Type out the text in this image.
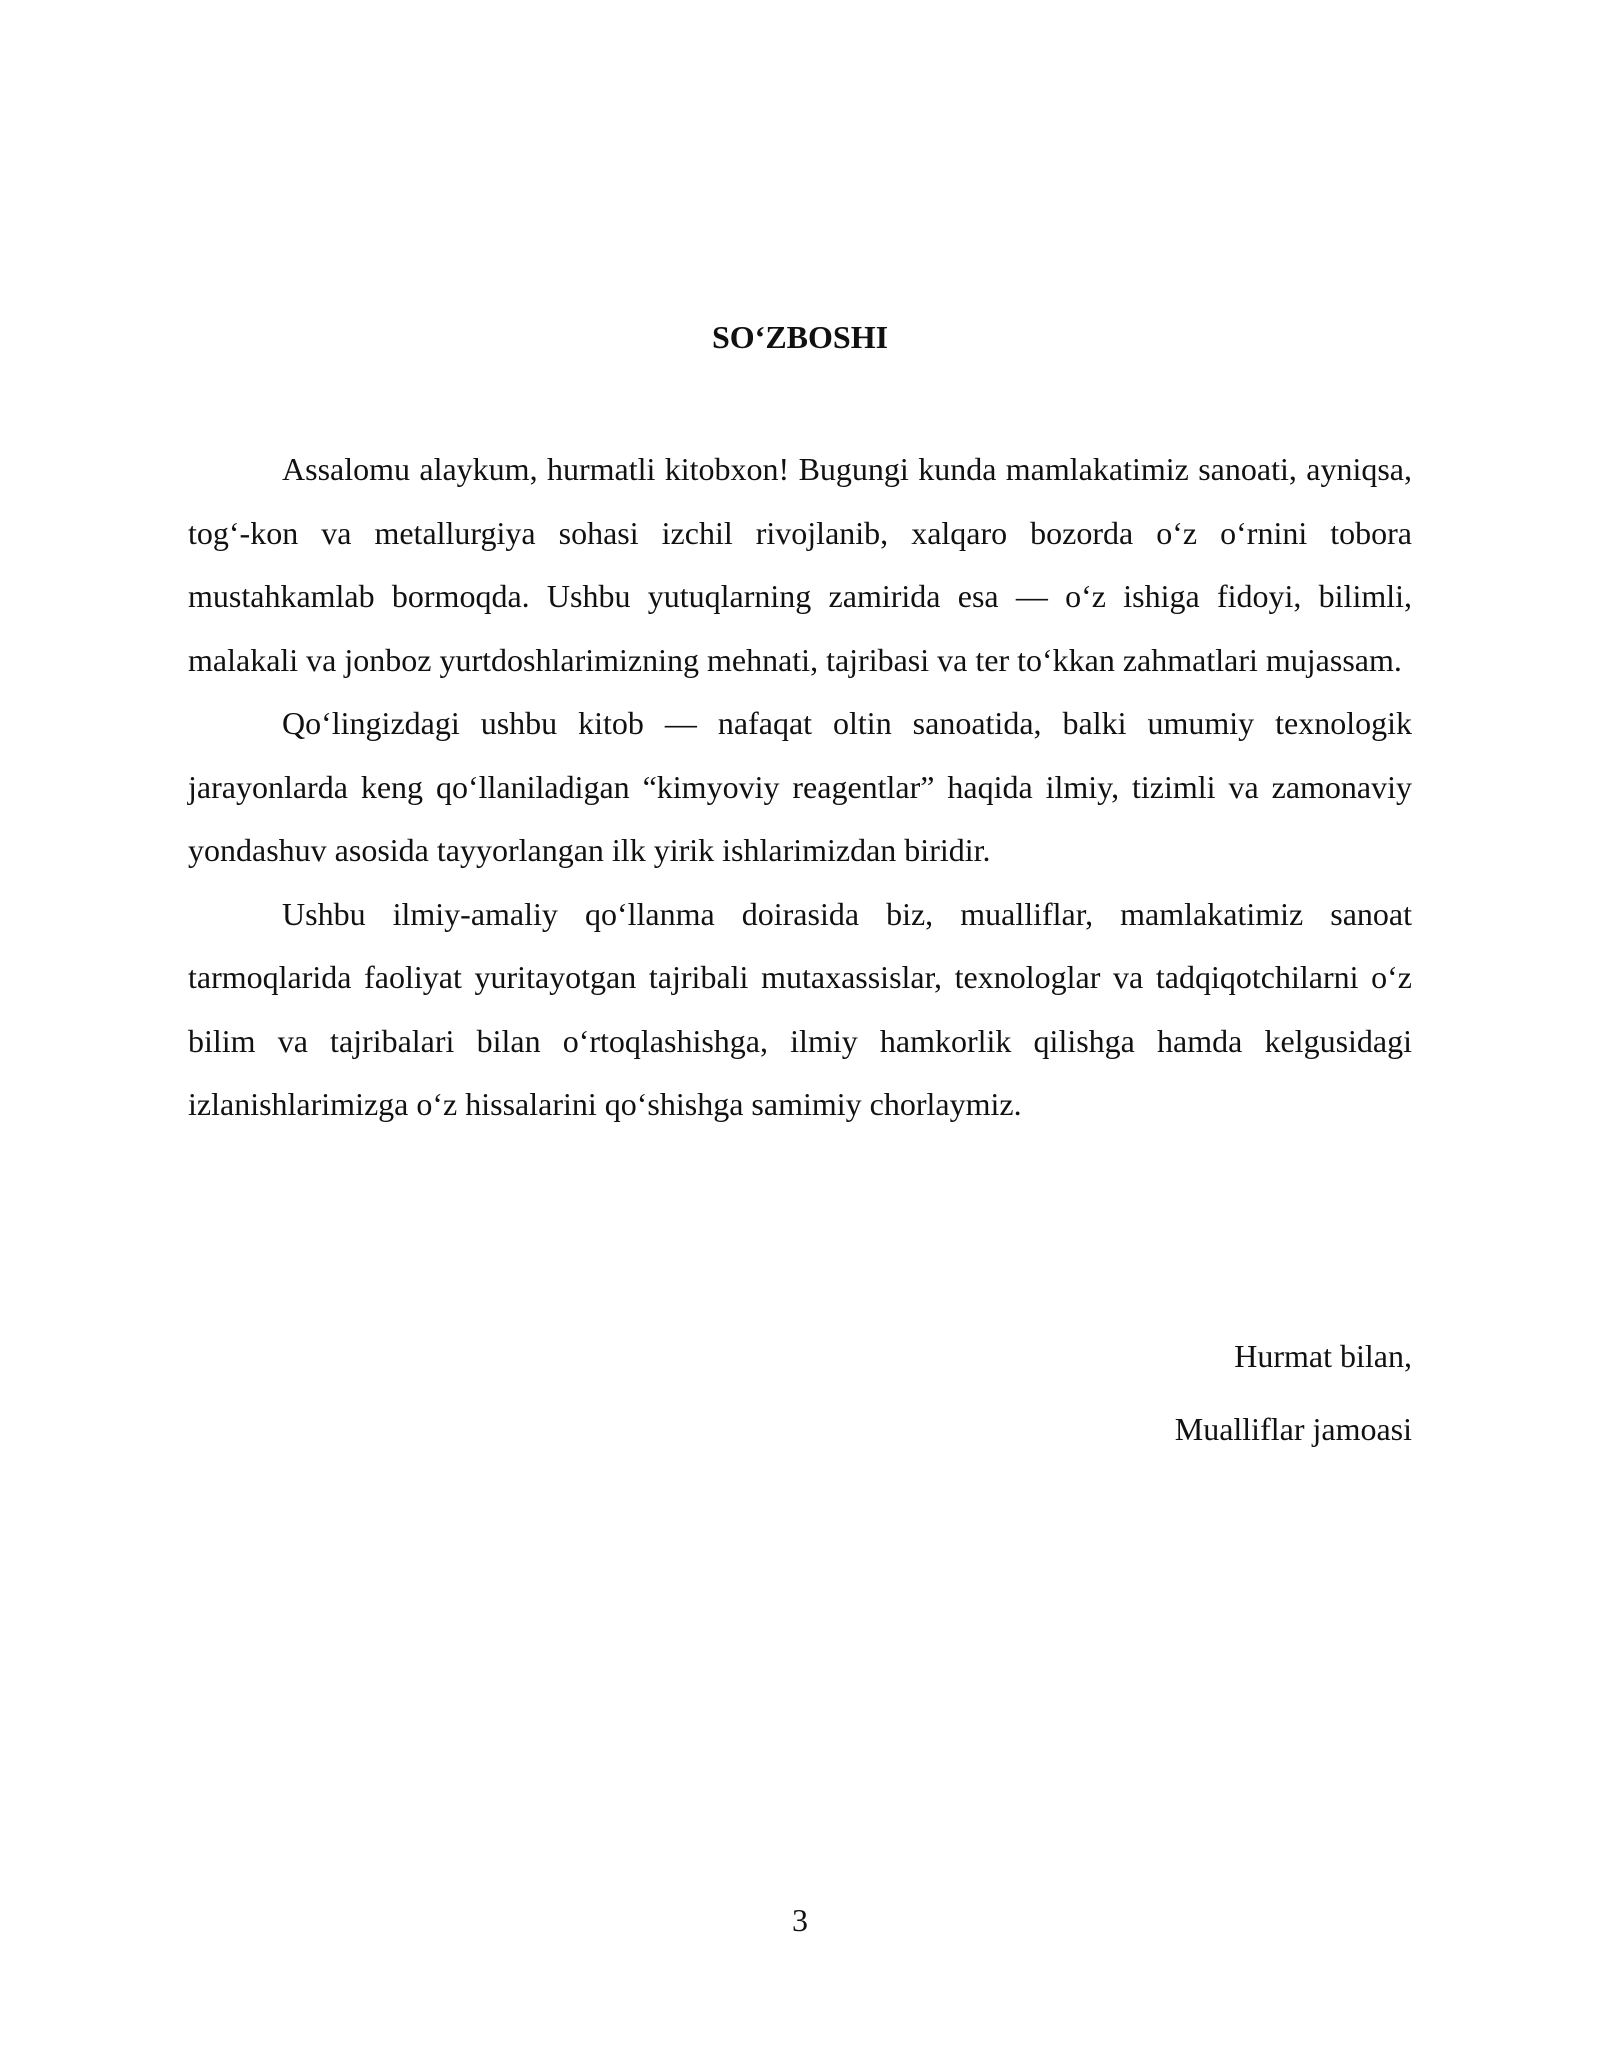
SO‘ZBOSHI

Assalomu alaykum, hurmatli kitobxon! Bugungi kunda mamlakatimiz sanoati, ayniqsa, tog‘-kon va metallurgiya sohasi izchil rivojlanib, xalqaro bozorda o‘z o‘rnini tobora mustahkamlab bormoqda. Ushbu yutuqlarning zamirida esa — o‘z ishiga fidoyi, bilimli, malakali va jonboz yurtdoshlarimizning mehnati, tajribasi va ter to‘kkan zahmatlari mujassam.

Qo‘lingizdagi ushbu kitob — nafaqat oltin sanoatida, balki umumiy texnologik jarayonlarda keng qo‘llaniladigan “kimyoviy reagentlar” haqida ilmiy, tizimli va zamonaviy yondashuv asosida tayyorlangan ilk yirik ishlarimizdan biridir.

Ushbu ilmiy-amaliy qo‘llanma doirasida biz, mualliflar, mamlakatimiz sanoat tarmoqlarida faoliyat yuritayotgan tajribali mutaxassislar, texnologlar va tadqiqotchilarni o‘z bilim va tajribalari bilan o‘rtoqlashishga, ilmiy hamkorlik qilishga hamda kelgusidagi izlanishlarimizga o‘z hissalarini qo‘shishga samimiy chorlaymiz.

Hurmat bilan,
Mualliflar jamoasi
3
